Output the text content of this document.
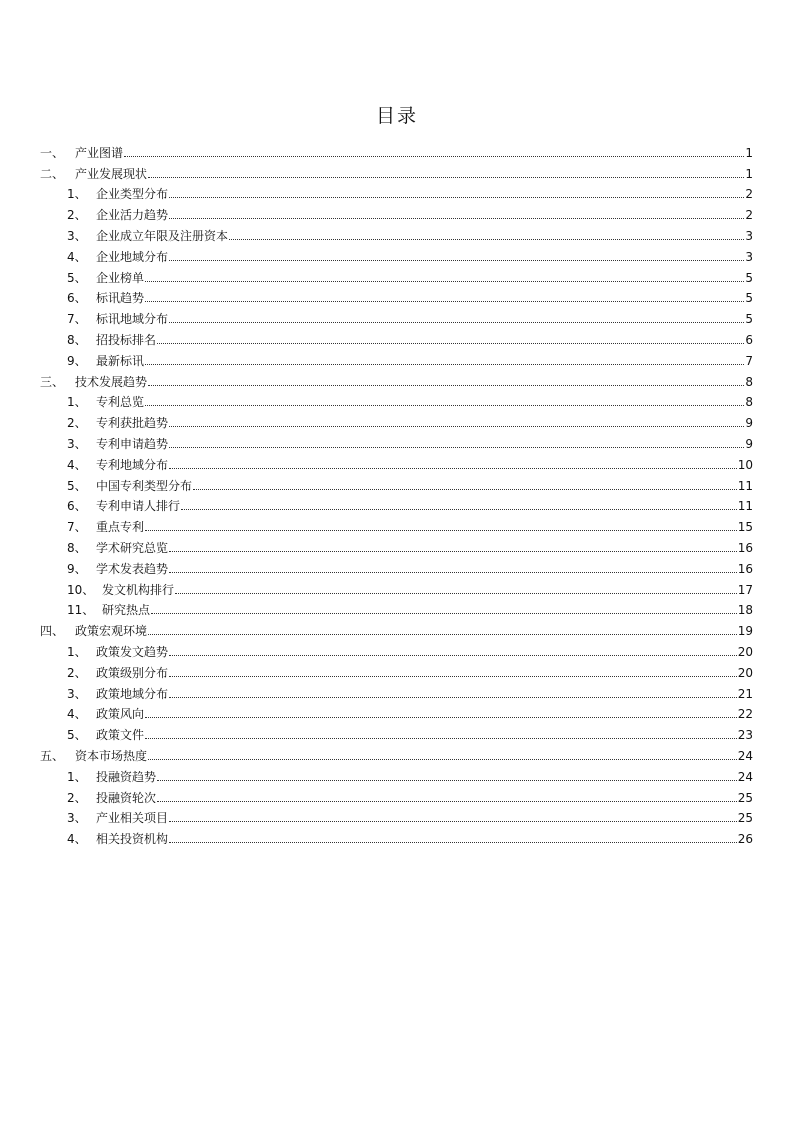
目录
一、 产业图谱	1
二、 产业发展现状	1
1、 企业类型分布	2
2、 企业活力趋势	2
3、 企业成立年限及注册资本	3
4、 企业地域分布	3
5、 企业榜单	5
6、 标讯趋势	5
7、 标讯地域分布	5
8、 招投标排名	6
9、 最新标讯	7
三、 技术发展趋势	8
1、 专利总览	8
2、 专利获批趋势	9
3、 专利申请趋势	9
4、 专利地域分布	10
5、 中国专利类型分布	11
6、 专利申请人排行	11
7、 重点专利	15
8、 学术研究总览	16
9、 学术发表趋势	16
10、 发文机构排行	17
11、 研究热点	18
四、 政策宏观环境	19
1、 政策发文趋势	20
2、 政策级别分布	20
3、 政策地域分布	21
4、 政策风向	22
5、 政策文件	23
五、 资本市场热度	24
1、 投融资趋势	24
2、 投融资轮次	25
3、 产业相关项目	25
4、 相关投资机构	26
